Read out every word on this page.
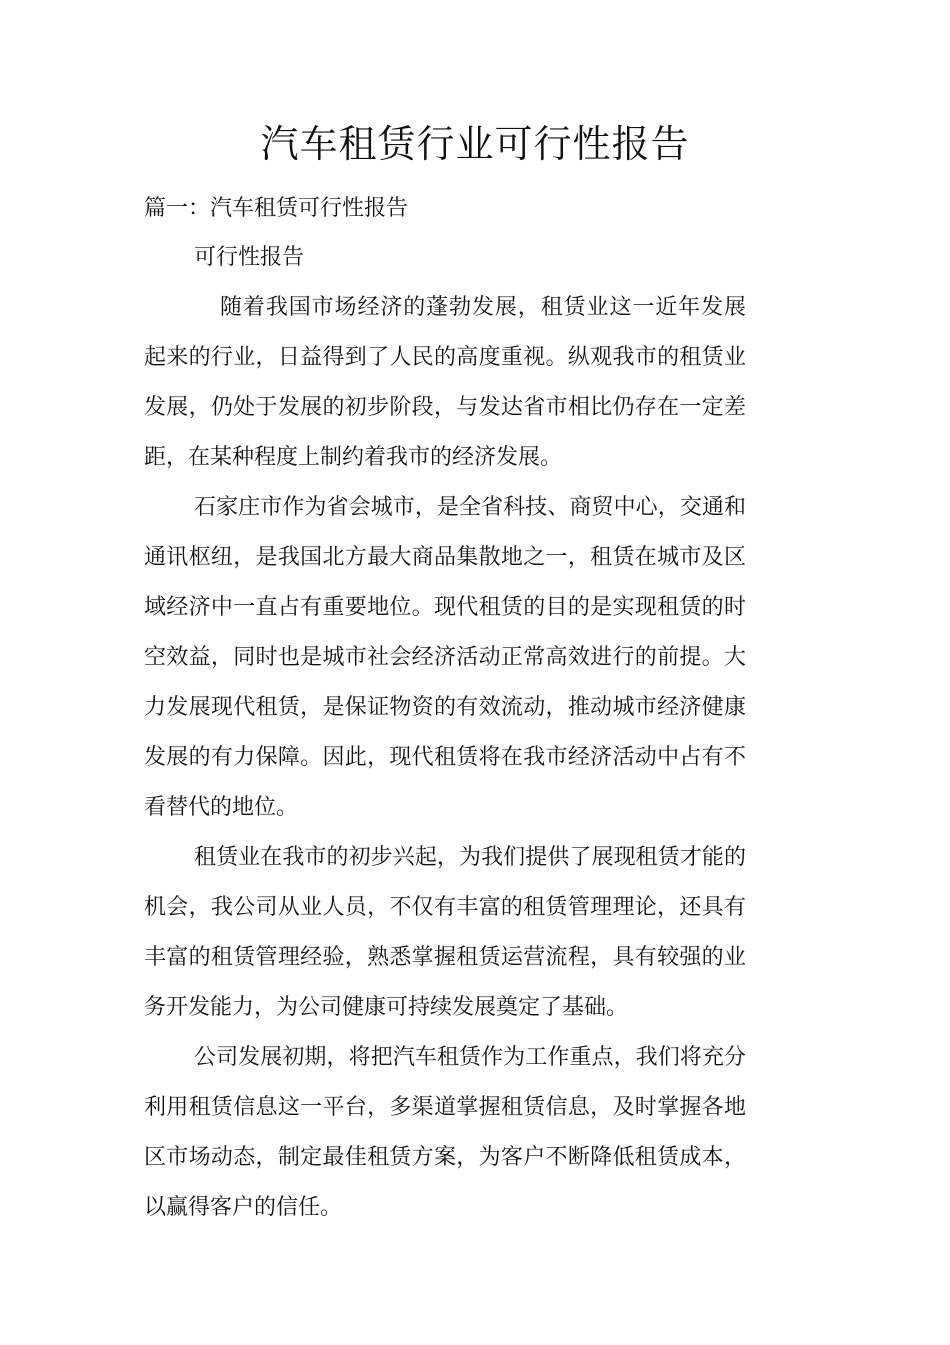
汽车租赁行业可行性报告
篇一：汽车租赁可行性报告
可行性报告

随着我国市场经济的蓬勃发展，租赁业这一近年发展起来的行业，日益得到了人民的高度重视。纵观我市的租赁业发展，仍处于发展的初步阶段，与发达省市相比仍存在一定差距，在某种程度上制约着我市的经济发展。

石家庄市作为省会城市，是全省科技、商贸中心，交通和通讯枢纽，是我国北方最大商品集散地之一，租赁在城市及区域经济中一直占有重要地位。现代租赁的目的是实现租赁的时空效益，同时也是城市社会经济活动正常高效进行的前提。大力发展现代租赁，是保证物资的有效流动，推动城市经济健康发展的有力保障。因此，现代租赁将在我市经济活动中占有不看替代的地位。

租赁业在我市的初步兴起，为我们提供了展现租赁才能的机会，我公司从业人员，不仅有丰富的租赁管理理论，还具有丰富的租赁管理经验，熟悉掌握租赁运营流程，具有较强的业务开发能力，为公司健康可持续发展奠定了基础。

公司发展初期，将把汽车租赁作为工作重点，我们将充分利用租赁信息这一平台，多渠道掌握租赁信息，及时掌握各地区市场动态，制定最佳租赁方案，为客户不断降低租赁成本，以赢得客户的信任。
